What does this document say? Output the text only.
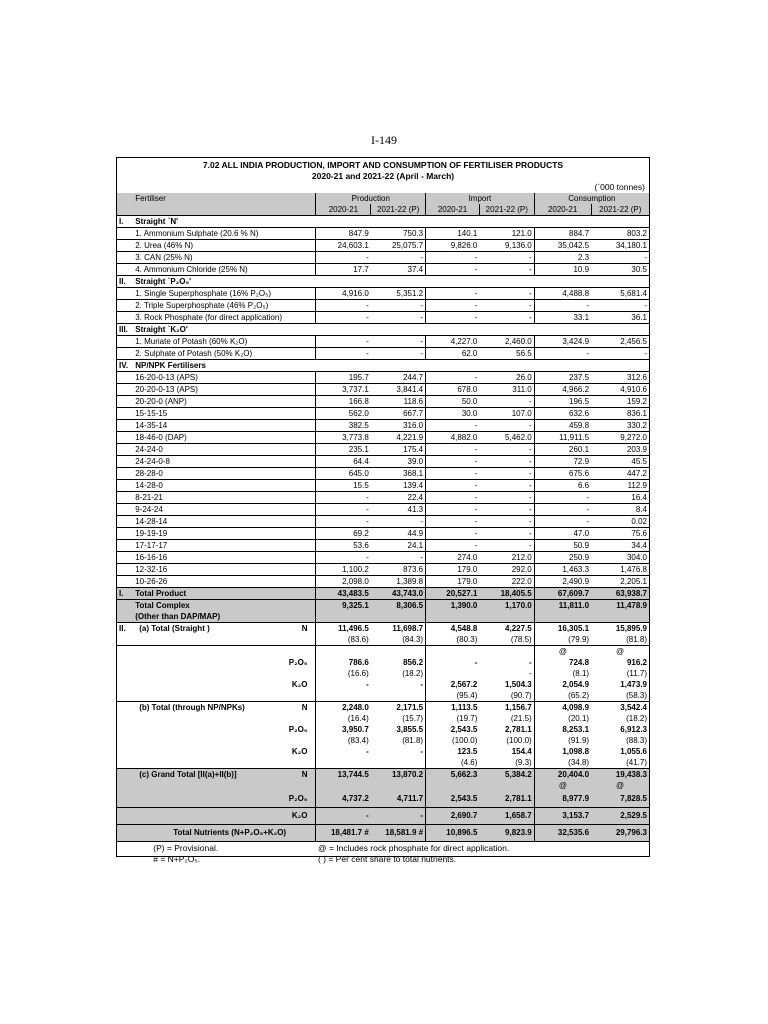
I-149
7.02 ALL INDIA PRODUCTION, IMPORT AND CONSUMPTION OF FERTILISER PRODUCTS
2020-21 and 2021-22 (April - March)
(`000 tonnes)
	Fertiliser	Production		Import		Consumption	
		2020-21	2021-22 (P)	2020-21	2021-22 (P)	2020-21	2021-22 (P)
I.	Straight `N'						
	1. Ammonium Sulphate (20.6 % N)	847.9	750.3	140.1	121.0	884.7	803.2
	2. Urea (46% N)	24,603.1	25,075.7	9,826.0	9,136.0	35,042.5	34,180.1
	3. CAN (25% N)	-	-	-	-	2.3	-
	4. Ammonium Chloride (25% N)	17.7	37.4	-	-	10.9	30.5
II.	Straight `P₂O₅'						
	1. Single Superphosphate (16% P₂O₅)	4,916.0	5,351.2	-	-	4,488.8	5,681.4
	2. Triple Superphosphate (46% P₂O₅)	-	-	-	-	-	-
	3. Rock Phosphate (for direct application)	-	-	-	-	33.1	36.1
III.	Straight `K₂O'						
	1. Muriate of Potash (60% K₂O)	-	-	4,227.0	2,460.0	3,424.9	2,456.5
	2. Sulphate of Potash (50% K₂O)	-	-	62.0	56.5	-	-
IV.	NP/NPK Fertilisers						
	16-20-0-13 (APS)	195.7	244.7	-	26.0	237.5	312.6
	20-20-0-13 (APS)	3,737.1	3,841.4	678.0	311.0	4,966.2	4,910.6
	20-20-0 (ANP)	166.8	118.6	50.0	-	196.5	159.2
	15-15-15	562.0	667.7	30.0	107.0	632.6	836.1
	14-35-14	382.5	316.0	-	-	459.8	330.2
	18-46-0 (DAP)	3,773.8	4,221.9	4,882.0	5,462.0	11,911.5	9,272.0
	24-24-0	235.1	175.4	-	-	260.1	203.9
	24-24-0-8	64.4	39.0	-	-	72.9	45.5
	28-28-0	645.0	368.1	-	-	675.6	447.2
	14-28-0	15.5	139.4	-	-	6.6	112.9
	8-21-21	-	22.4	-	-	-	16.4
	9-24-24	-	41.3	-	-	-	8.4
	14-28-14	-	-	-	-	-	0.02
	19-19-19	69.2	44.9	-	-	47.0	75.6
	17-17-17	53.6	24.1	-	-	50.9	34.4
	16-16-16	-	-	274.0	212.0	250.9	304.0
	12-32-16	1,100.2	873.6	179.0	292.0	1,463.3	1,476.8
	10-26-26	2,098.0	1,389.8	179.0	222.0	2,490.9	2,205.1
I.	Total Product	43,483.5	43,743.0	20,527.1	18,405.5	67,609.7	63,938.7
	Total Complex	9,325.1	8,306.5	1,390.0	1,170.0	11,811.0	11,478.9
	(Other than DAP/MAP)						
II.	(a) Total (Straight ) N	11,496.5	11,698.7	4,548.8	4,227.5	16,305.1	15,895.9
		(83.6)	(84.3)	(80.3)	(78.5)	(79.9)	(81.8)
						@	@

	P₂O₅	786.6	856.2	-	-	724.8	916.2
		(16.6)	(18.2)		-	(8.1)	(11.7)

	K₂O	-	-	2,567.2	1,504.3	2,054.9	1,473.9
				(95.4)	(90.7)	(65.2)	(58.3)
	(b) Total (through NP/NPKs) N	2,248.0	2,171.5	1,113.5	1,156.7	4,098.9	3,542.4
		(16.4)	(15.7)	(19.7)	(21.5)	(20.1)	(18.2)

	P₂O₅	3,950.7	3,855.5	2,543.5	2,781.1	8,253.1	6,912.3
		(83.4)	(81.8)	(100.0)	(100.0)	(91.9)	(88.3)

	K₂O	-	-	123.5	154.4	1,098.8	1,055.6
				(4.6)	(9.3)	(34.8)	(41.7)
	(c) Grand Total [II(a)+II(b)] N	13,744.5	13,870.2	5,662.3	5,384.2	20,404.0	19,438.3
						@	@

	P₂O₅	4,737.2	4,711.7	2,543.5	2,781.1	8,977.9	7,828.5

	K₂O	-	-	2,690.7	1,658.7	3,153.7	2,529.5
	Total Nutrients (N+P₂O₅+K₂O)	18,481.7 #	18,581.9 #	10,896.5	9,823.9	32,535.6	29,796.3
	(P) = Provisional.	@ = Includes rock phosphate for direct application.					
	# = N+P₂O₅.	( ) = Per cent share to total nutrients.					
